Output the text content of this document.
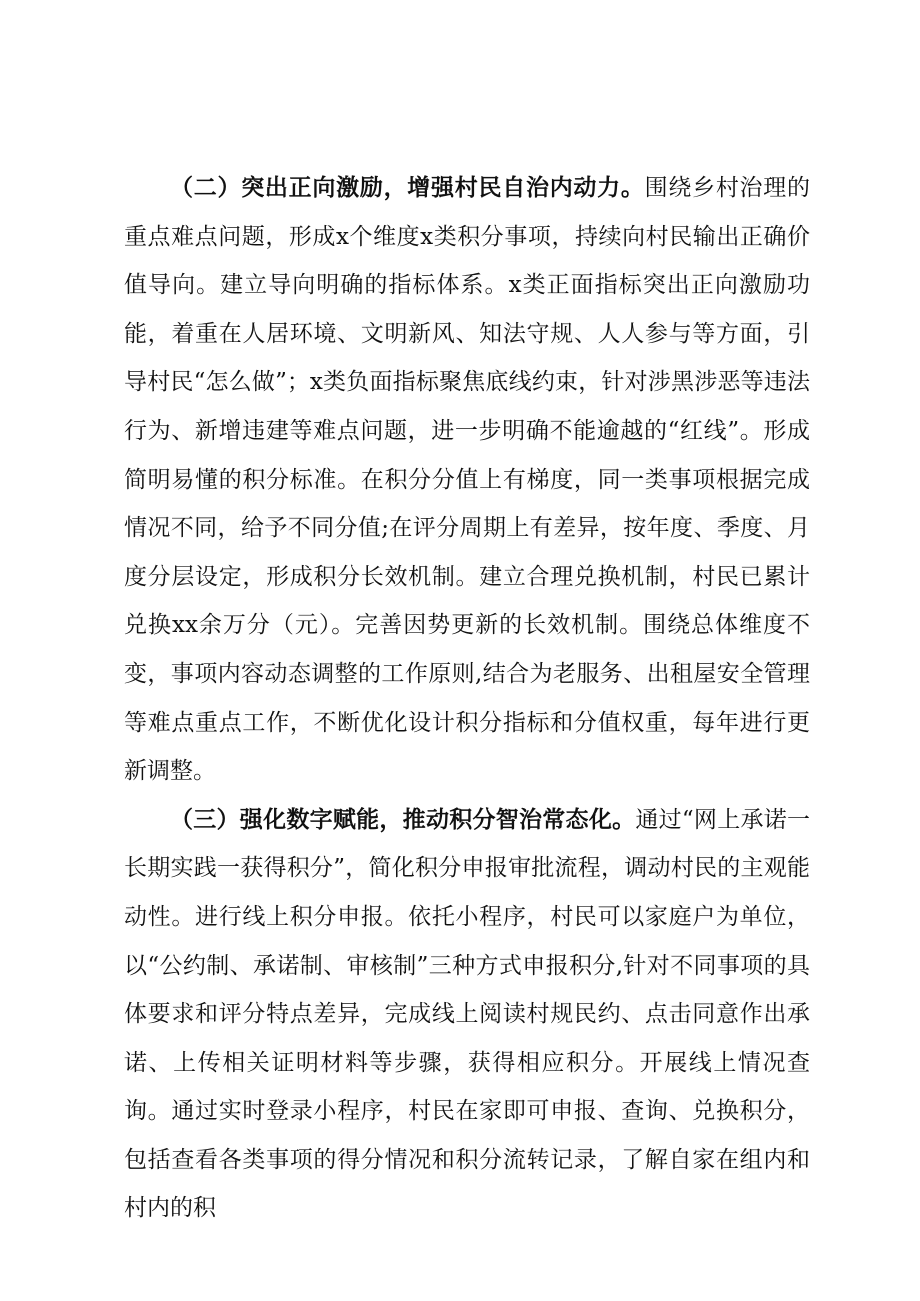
（二）突出正向激励，增强村民自治内动力。围绕乡村治理的重点难点问题，形成x个维度x类积分事项，持续向村民输出正确价值导向。建立导向明确的指标体系。x类正面指标突出正向激励功能，着重在人居环境、文明新风、知法守规、人人参与等方面，引导村民“怎么做”；x类负面指标聚焦底线约束，针对涉黑涉恶等违法行为、新增违建等难点问题，进一步明确不能逾越的“红线”。形成简明易懂的积分标准。在积分分值上有梯度，同一类事项根据完成情况不同，给予不同分值;在评分周期上有差异，按年度、季度、月度分层设定，形成积分长效机制。建立合理兑换机制，村民已累计兑换xx余万分（元）。完善因势更新的长效机制。围绕总体维度不变，事项内容动态调整的工作原则,结合为老服务、出租屋安全管理等难点重点工作，不断优化设计积分指标和分值权重，每年进行更新调整。

（三）强化数字赋能，推动积分智治常态化。通过“网上承诺一长期实践一获得积分”，简化积分申报审批流程，调动村民的主观能动性。进行线上积分申报。依托小程序，村民可以家庭户为单位，以“公约制、承诺制、审核制”三种方式申报积分,针对不同事项的具体要求和评分特点差异，完成线上阅读村规民约、点击同意作出承诺、上传相关证明材料等步骤，获得相应积分。开展线上情况查询。通过实时登录小程序，村民在家即可申报、查询、兑换积分，包括查看各类事项的得分情况和积分流转记录，了解自家在组内和村内的积
